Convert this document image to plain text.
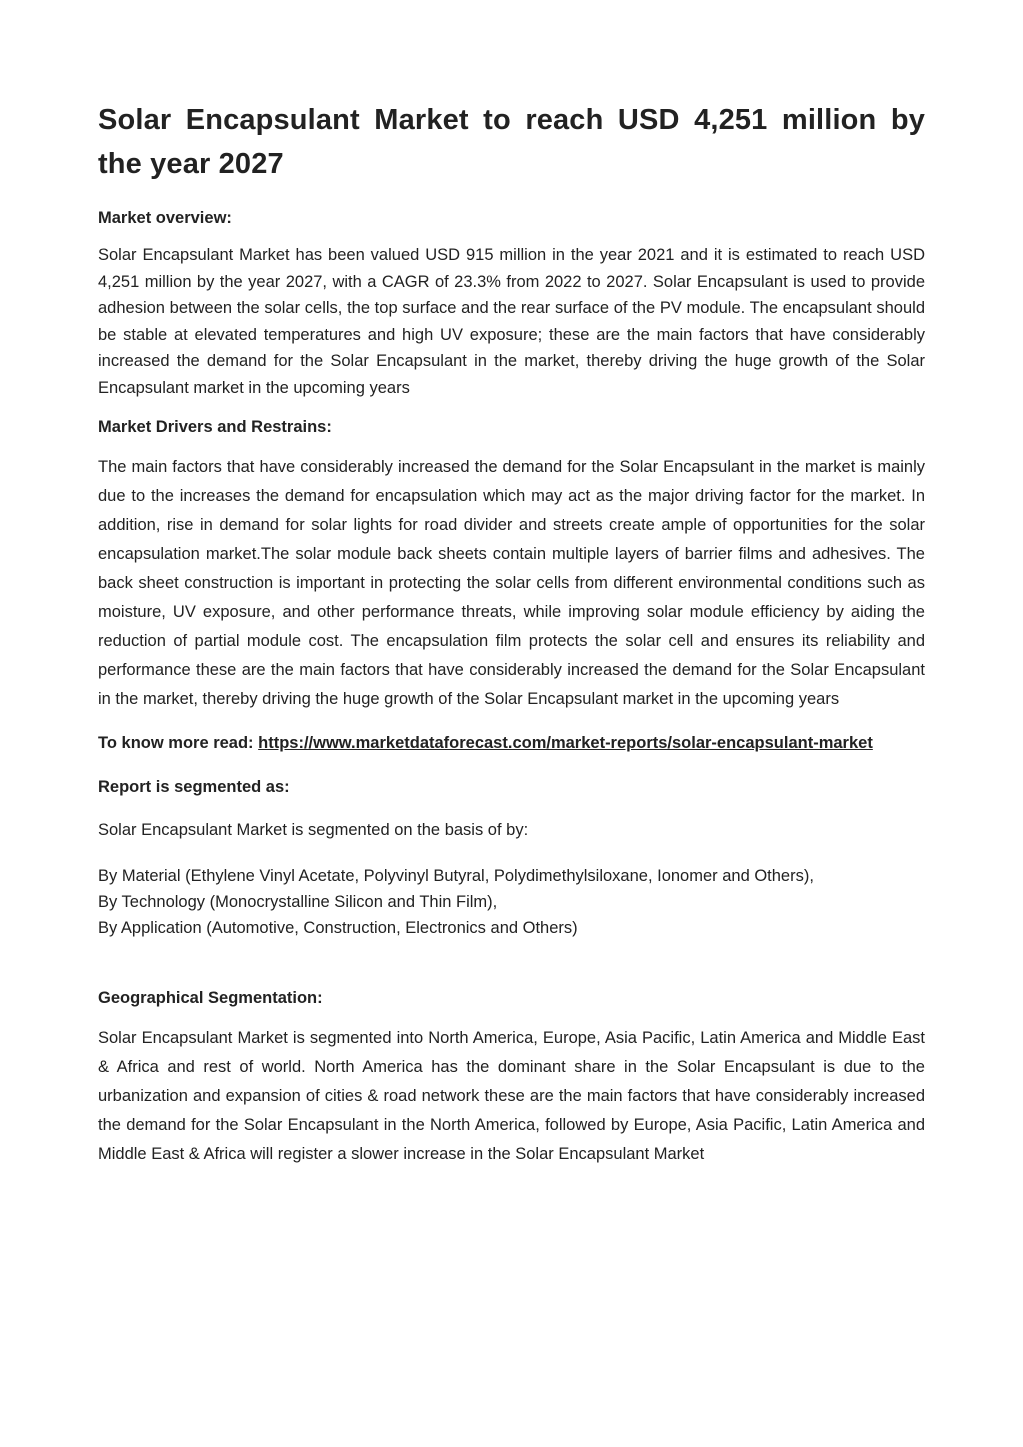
Solar Encapsulant Market to reach USD 4,251 million by the year 2027

Market overview:

Solar Encapsulant Market has been valued USD 915 million in the year 2021 and it is estimated to reach USD 4,251 million by the year 2027, with a CAGR of 23.3% from 2022 to 2027. Solar Encapsulant is used to provide adhesion between the solar cells, the top surface and the rear surface of the PV module. The encapsulant should be stable at elevated temperatures and high UV exposure; these are the main factors that have considerably increased the demand for the Solar Encapsulant in the market, thereby driving the huge growth of the Solar Encapsulant market in the upcoming years

Market Drivers and Restrains:

The main factors that have considerably increased the demand for the Solar Encapsulant in the market is mainly due to the increases the demand for encapsulation which may act as the major driving factor for the market. In addition, rise in demand for solar lights for road divider and streets create ample of opportunities for the solar encapsulation market.The solar module back sheets contain multiple layers of barrier films and adhesives. The back sheet construction is important in protecting the solar cells from different environmental conditions such as moisture, UV exposure, and other performance threats, while improving solar module efficiency by aiding the reduction of partial module cost. The encapsulation film protects the solar cell and ensures its reliability and performance these are the main factors that have considerably increased the demand for the Solar Encapsulant in the market, thereby driving the huge growth of the Solar Encapsulant market in the upcoming years

To know more read: https://www.marketdataforecast.com/market-reports/solar-encapsulant-market

Report is segmented as:

Solar Encapsulant Market is segmented on the basis of by:

By Material (Ethylene Vinyl Acetate, Polyvinyl Butyral, Polydimethylsiloxane, Ionomer and Others),
By Technology (Monocrystalline Silicon and Thin Film),
By Application (Automotive, Construction, Electronics and Others)

Geographical Segmentation:

Solar Encapsulant Market is segmented into North America, Europe, Asia Pacific, Latin America and Middle East & Africa and rest of world. North America has the dominant share in the Solar Encapsulant is due to the urbanization and expansion of cities & road network these are the main factors that have considerably increased the demand for the Solar Encapsulant in the North America, followed by Europe, Asia Pacific, Latin America and Middle East & Africa will register a slower increase in the Solar Encapsulant Market
